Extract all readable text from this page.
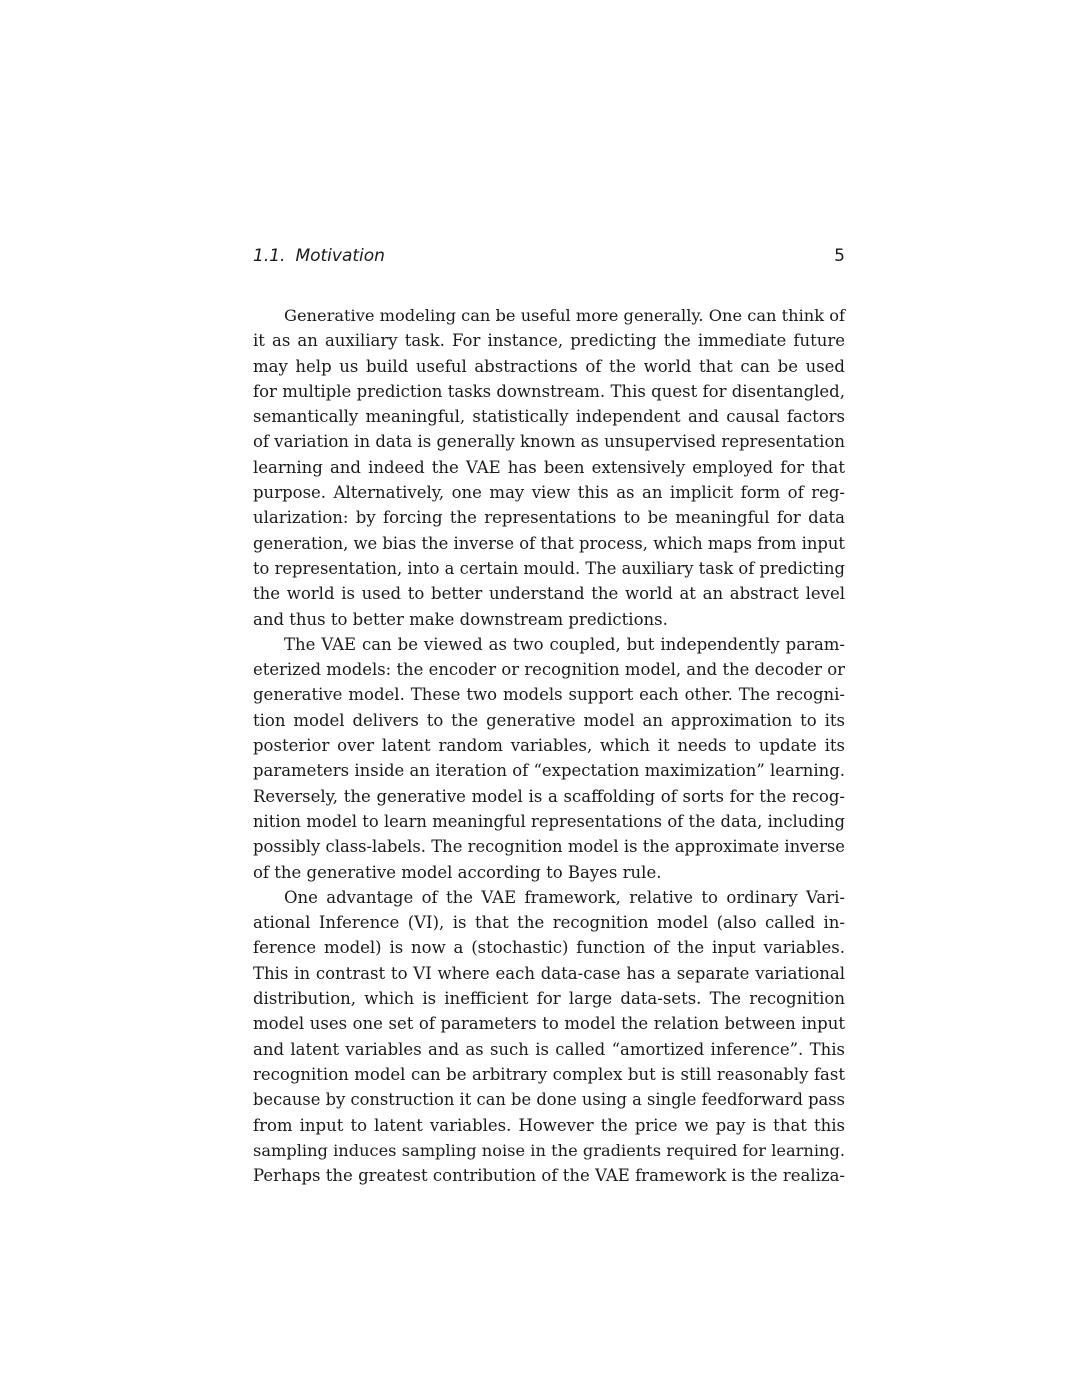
1.1. Motivation	5
Generative modeling can be useful more generally. One can think of
it as an auxiliary task. For instance, predicting the immediate future
may help us build useful abstractions of the world that can be used
for multiple prediction tasks downstream. This quest for disentangled,
semantically meaningful, statistically independent and causal factors
of variation in data is generally known as unsupervised representation
learning and indeed the VAE has been extensively employed for that
purpose. Alternatively, one may view this as an implicit form of reg-
ularization: by forcing the representations to be meaningful for data
generation, we bias the inverse of that process, which maps from input
to representation, into a certain mould. The auxiliary task of predicting
the world is used to better understand the world at an abstract level
and thus to better make downstream predictions.
The VAE can be viewed as two coupled, but independently param-
eterized models: the encoder or recognition model, and the decoder or
generative model. These two models support each other. The recogni-
tion model delivers to the generative model an approximation to its
posterior over latent random variables, which it needs to update its
parameters inside an iteration of “expectation maximization” learning.
Reversely, the generative model is a scaffolding of sorts for the recog-
nition model to learn meaningful representations of the data, including
possibly class-labels. The recognition model is the approximate inverse
of the generative model according to Bayes rule.
One advantage of the VAE framework, relative to ordinary Vari-
ational Inference (VI), is that the recognition model (also called in-
ference model) is now a (stochastic) function of the input variables.
This in contrast to VI where each data-case has a separate variational
distribution, which is inefficient for large data-sets. The recognition
model uses one set of parameters to model the relation between input
and latent variables and as such is called “amortized inference”. This
recognition model can be arbitrary complex but is still reasonably fast
because by construction it can be done using a single feedforward pass
from input to latent variables. However the price we pay is that this
sampling induces sampling noise in the gradients required for learning.
Perhaps the greatest contribution of the VAE framework is the realiza-
